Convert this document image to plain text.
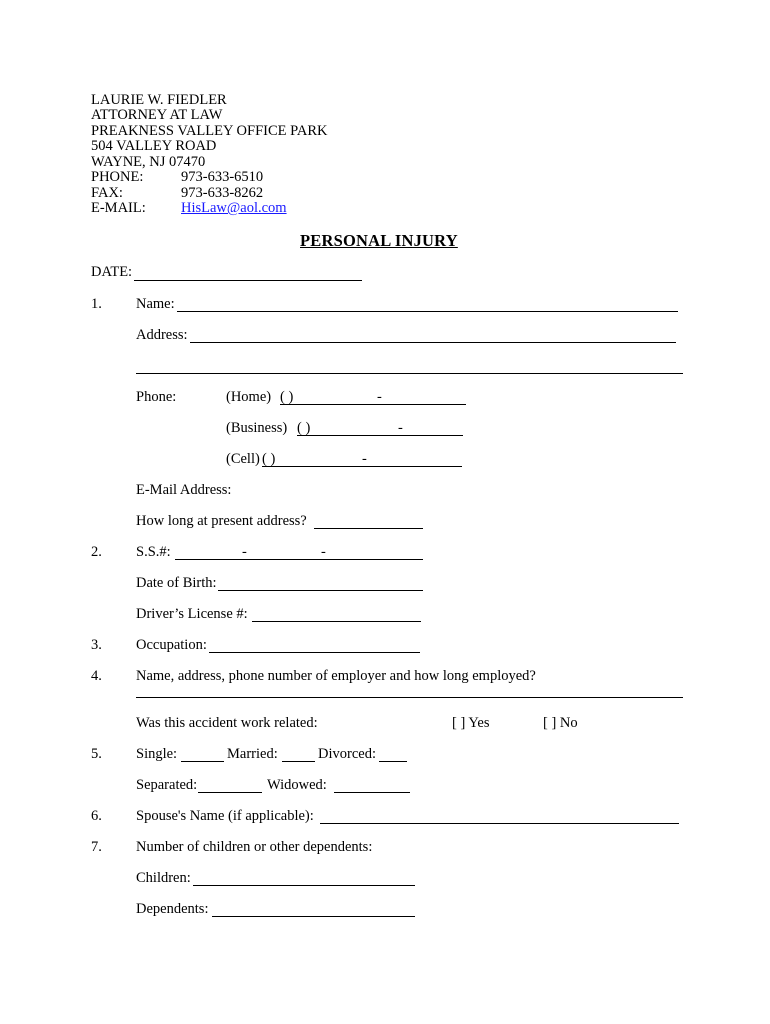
LAURIE W. FIEDLER
ATTORNEY AT LAW
PREAKNESS VALLEY OFFICE PARK
504 VALLEY ROAD
WAYNE, NJ 07470
PHONE:	973-633-6510
FAX:	973-633-8262
E-MAIL: HisLaw@aol.com
PERSONAL INJURY
DATE:
1. Name:
Address:
Phone:	(Home) ( )	-
(Business) ( )	-
(Cell) ( )	-
E-Mail Address:
How long at present address?
2. S.S.#:	-	-
Date of Birth:
Driver’s License #:
3. Occupation:
4. Name, address, phone number of employer and how long employed?
Was this accident work related:	[ ] Yes	[ ] No
5. Single:	Married:	Divorced:
Separated:	Widowed:
6. Spouse's Name (if applicable):
7. Number of children or other dependents:
Children:
Dependents:
